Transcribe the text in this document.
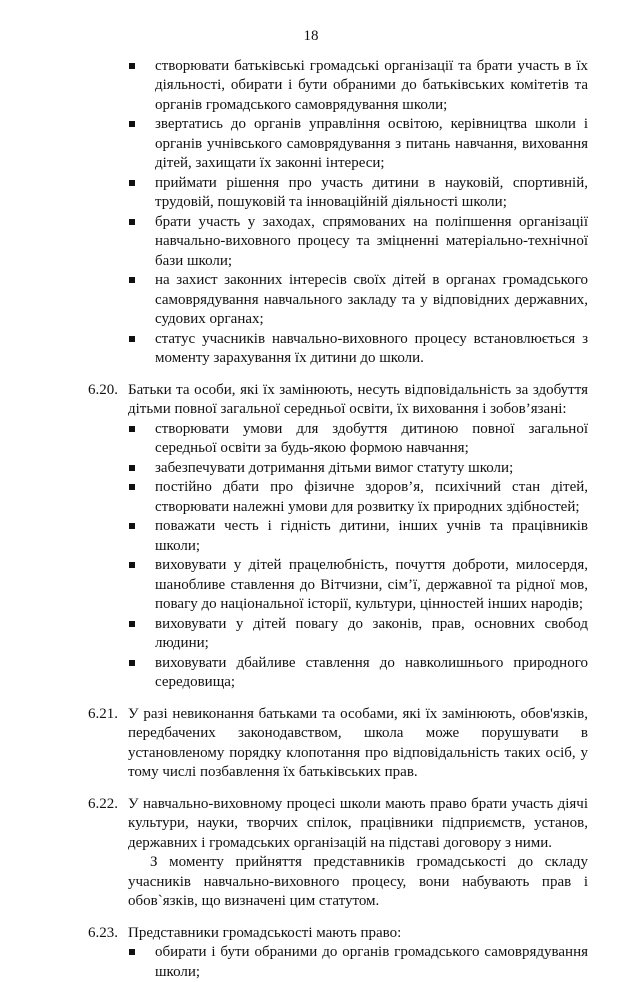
18
створювати батьківські громадські організації та брати участь в їх діяльності, обирати і бути обраними до батьківських комітетів та органів громадського самоврядування школи;
звертатись до органів управління освітою, керівництва школи і органів учнівського самоврядування з питань навчання, виховання дітей, захищати їх законні інтереси;
приймати рішення про участь дитини в науковій, спортивній, трудовій, пошуковій та інноваційній діяльності школи;
брати участь у заходах, спрямованих на поліпшення організації навчально-виховного процесу та зміцненні матеріально-технічної бази школи;
на захист законних інтересів своїх дітей в органах громадського самоврядування навчального закладу та у відповідних державних, судових органах;
статус учасників навчально-виховного процесу встановлюється з моменту зарахування їх дитини до школи.
6.20. Батьки та особи, які їх замінюють, несуть відповідальність за здобуття дітьми повної загальної середньої освіти, їх виховання і зобов’язані:
створювати умови для здобуття дитиною повної загальної середньої освіти за будь-якою формою навчання;
забезпечувати дотримання дітьми вимог статуту школи;
постійно дбати про фізичне здоров’я, психічний стан дітей, створювати належні умови для розвитку їх природних здібностей;
поважати честь і гідність дитини, інших учнів та працівників школи;
виховувати у дітей працелюбність, почуття доброти, милосердя, шанобливе ставлення до Вітчизни, сім’ї, державної та рідної мов, повагу до національної історії, культури, цінностей інших народів;
виховувати у дітей повагу до законів, прав, основних свобод людини;
виховувати дбайливе ставлення до навколишнього природного середовища;
6.21. У разі невиконання батьками та особами, які їх замінюють, обов'язків, передбачених законодавством, школа може порушувати в установленому порядку клопотання про відповідальність таких осіб, у тому числі позбавлення їх батьківських прав.
6.22. У навчально-виховному процесі школи мають право брати участь діячі культури, науки, творчих спілок, працівники підприємств, установ, державних і громадських організацій на підставі договору з ними.
З моменту прийняття представників громадськості до складу учасників навчально-виховного процесу, вони набувають прав і обов`язків, що визначені цим статутом.
6.23. Представники громадськості мають право:
обирати і бути обраними до органів громадського самоврядування школи;
